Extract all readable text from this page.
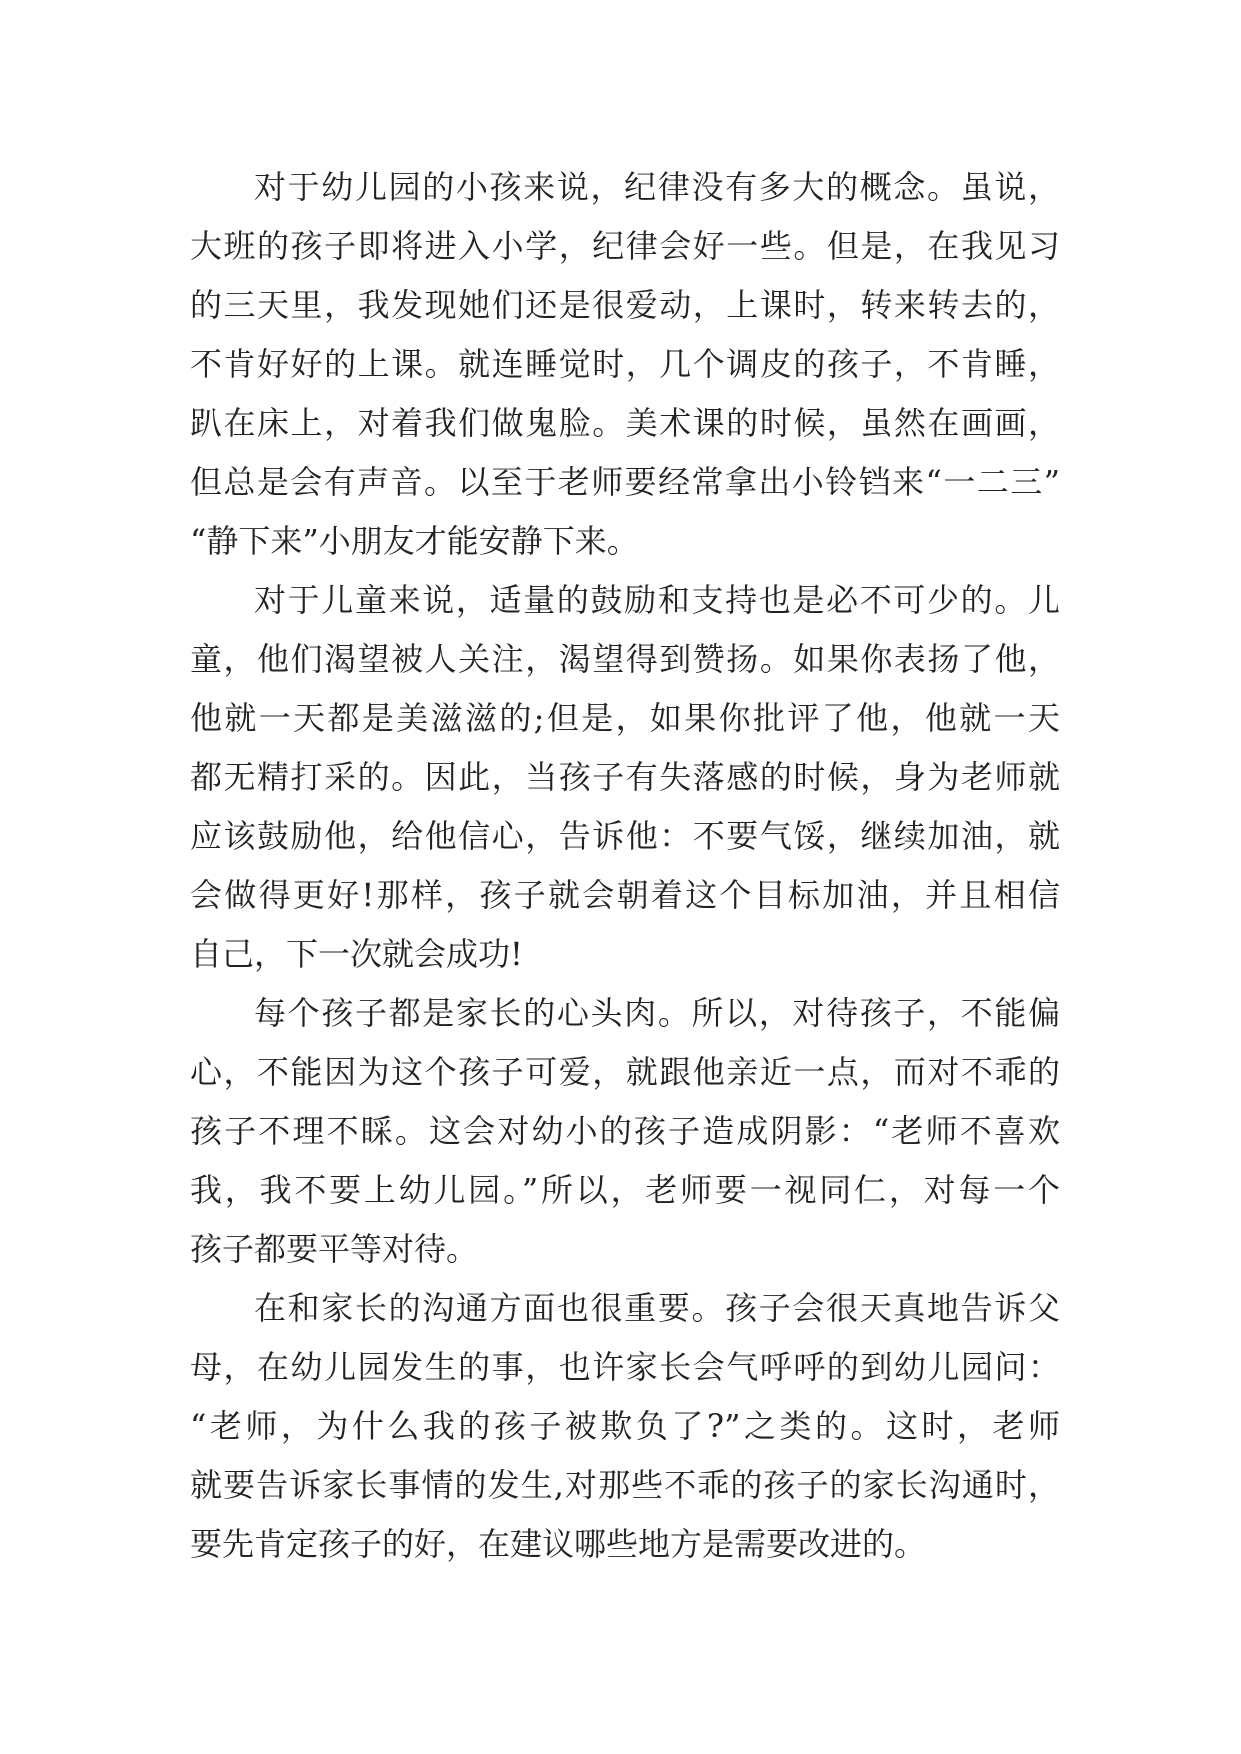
对于幼儿园的小孩来说，纪律没有多大的概念。虽说，
大班的孩子即将进入小学，纪律会好一些。但是，在我见习
的三天里，我发现她们还是很爱动，上课时，转来转去的，
不肯好好的上课。就连睡觉时，几个调皮的孩子，不肯睡，
趴在床上，对着我们做鬼脸。美术课的时候，虽然在画画，
但总是会有声音。以至于老师要经常拿出小铃铛来“一二三”
“静下来”小朋友才能安静下来。

对于儿童来说，适量的鼓励和支持也是必不可少的。儿
童，他们渴望被人关注，渴望得到赞扬。如果你表扬了他，
他就一天都是美滋滋的;但是，如果你批评了他，他就一天
都无精打采的。因此，当孩子有失落感的时候，身为老师就
应该鼓励他，给他信心，告诉他：不要气馁，继续加油，就
会做得更好!那样，孩子就会朝着这个目标加油，并且相信
自己，下一次就会成功!

每个孩子都是家长的心头肉。所以，对待孩子，不能偏
心，不能因为这个孩子可爱，就跟他亲近一点，而对不乖的
孩子不理不睬。这会对幼小的孩子造成阴影：“老师不喜欢
我，我不要上幼儿园。”所以，老师要一视同仁，对每一个
孩子都要平等对待。

在和家长的沟通方面也很重要。孩子会很天真地告诉父
母，在幼儿园发生的事，也许家长会气呼呼的到幼儿园问：
“老师，为什么我的孩子被欺负了?”之类的。这时，老师
就要告诉家长事情的发生,对那些不乖的孩子的家长沟通时，
要先肯定孩子的好，在建议哪些地方是需要改进的。
